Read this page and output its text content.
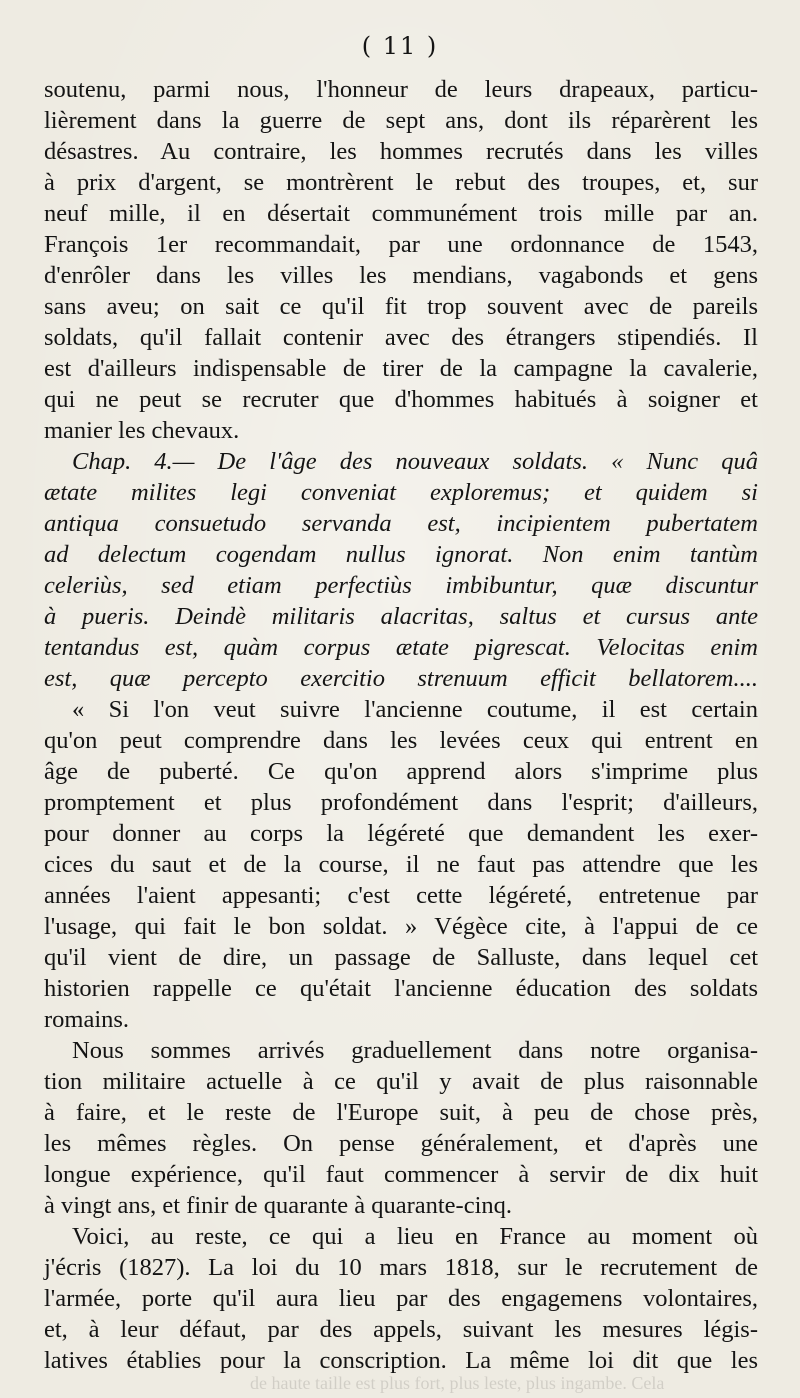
( 11 )
soutenu, parmi nous, l'honneur de leurs drapeaux, particu-
lièrement dans la guerre de sept ans, dont ils réparèrent les
désastres. Au contraire, les hommes recrutés dans les villes
à prix d'argent, se montrèrent le rebut des troupes, et, sur
neuf mille, il en désertait communément trois mille par an.
François 1er recommandait, par une ordonnance de 1543,
d'enrôler dans les villes les mendians, vagabonds et gens
sans aveu; on sait ce qu'il fit trop souvent avec de pareils
soldats, qu'il fallait contenir avec des étrangers stipendiés. Il
est d'ailleurs indispensable de tirer de la campagne la cavalerie,
qui ne peut se recruter que d'hommes habitués à soigner et
manier les chevaux.
Chap. 4.— De l'âge des nouveaux soldats. « Nunc quâ
ætate milites legi conveniat exploremus; et quidem si
antiqua consuetudo servanda est, incipientem pubertatem
ad delectum cogendam nullus ignorat. Non enim tantùm
celeriùs, sed etiam perfectiùs imbibuntur, quæ discuntur
à pueris. Deindè militaris alacritas, saltus et cursus ante
tentandus est, quàm corpus ætate pigrescat. Velocitas enim
est, quæ percepto exercitio strenuum efficit bellatorem....
« Si l'on veut suivre l'ancienne coutume, il est certain
qu'on peut comprendre dans les levées ceux qui entrent en
âge de puberté. Ce qu'on apprend alors s'imprime plus
promptement et plus profondément dans l'esprit; d'ailleurs,
pour donner au corps la légéreté que demandent les exer-
cices du saut et de la course, il ne faut pas attendre que les
années l'aient appesanti; c'est cette légéreté, entretenue par
l'usage, qui fait le bon soldat. » Végèce cite, à l'appui de ce
qu'il vient de dire, un passage de Salluste, dans lequel cet
historien rappelle ce qu'était l'ancienne éducation des soldats
romains.
Nous sommes arrivés graduellement dans notre organisa-
tion militaire actuelle à ce qu'il y avait de plus raisonnable
à faire, et le reste de l'Europe suit, à peu de chose près,
les mêmes règles. On pense généralement, et d'après une
longue expérience, qu'il faut commencer à servir de dix huit
à vingt ans, et finir de quarante à quarante-cinq.
Voici, au reste, ce qui a lieu en France au moment où
j'écris (1827). La loi du 10 mars 1818, sur le recrutement de
l'armée, porte qu'il aura lieu par des engagemens volontaires,
et, à leur défaut, par des appels, suivant les mesures légis-
latives établies pour la conscription. La même loi dit que les
de haute taille est plus fort, plus leste, plus ingambe. Cela
